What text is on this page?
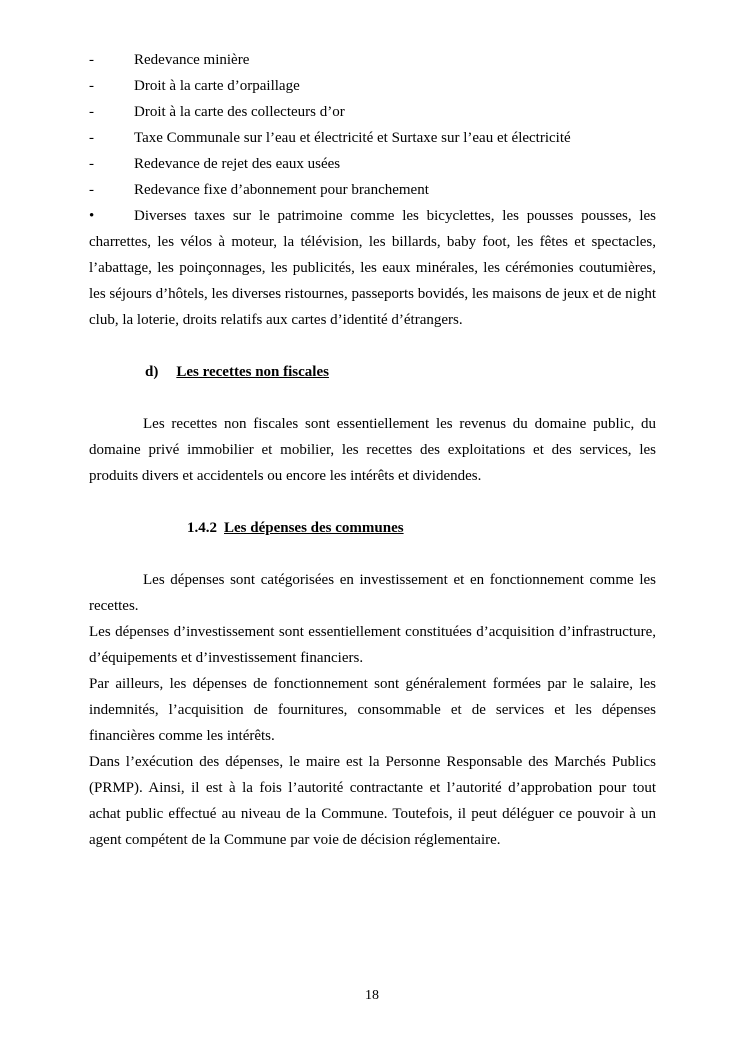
-	Redevance minière
-	Droit à la carte d’orpaillage
-	Droit à la carte des collecteurs d’or
-	Taxe Communale sur l’eau et électricité et Surtaxe sur l’eau et électricité
-	Redevance de rejet des eaux usées
-	Redevance fixe d’abonnement pour branchement

•	Diverses taxes sur le patrimoine comme les bicyclettes, les pousses pousses, les charrettes, les vélos à moteur, la télévision, les billards, baby foot, les fêtes et spectacles, l’abattage, les poinçonnages, les publicités, les eaux minérales, les cérémonies coutumières, les séjours d’hôtels, les diverses ristournes, passeports bovidés, les maisons de jeux et de night club, la loterie, droits relatifs aux cartes d’identité d’étrangers.

d) Les recettes non fiscales

Les recettes non fiscales sont essentiellement les revenus du domaine public, du domaine privé immobilier et mobilier, les recettes des exploitations et des services, les produits divers et accidentels ou encore les intérêts et dividendes.

1.4.2 Les dépenses des communes

Les dépenses sont catégorisées en investissement et en fonctionnement comme les recettes.

Les dépenses d’investissement sont essentiellement constituées d’acquisition d’infrastructure, d’équipements et d’investissement financiers.

Par ailleurs, les dépenses de fonctionnement sont généralement formées par le salaire, les indemnités, l’acquisition de fournitures, consommable et de services et les dépenses financières comme les intérêts.

Dans l’exécution des dépenses, le maire est la Personne Responsable des Marchés Publics (PRMP). Ainsi, il est à la fois l’autorité contractante et l’autorité d’approbation pour tout achat public effectué au niveau de la Commune. Toutefois, il peut déléguer ce pouvoir à un agent compétent de la Commune par voie de décision réglementaire.

18
